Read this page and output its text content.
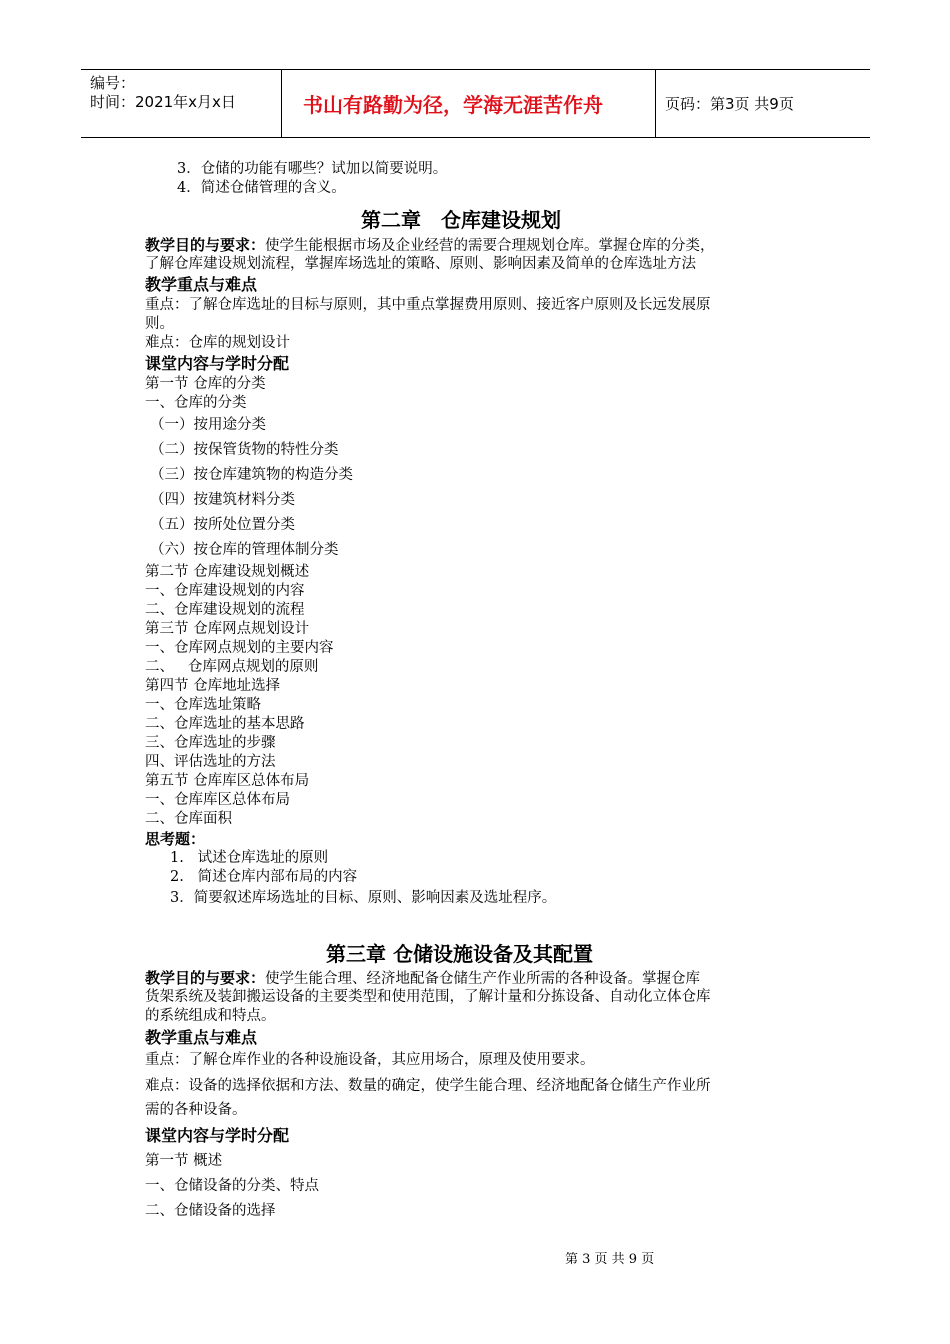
编号：
时间：2021年x月x日	书山有路勤为径，学海无涯苦作舟	页码：第3页 共9页
3．仓储的功能有哪些？试加以简要说明。
4．简述仓储管理的含义。
第二章　仓库建设规划
教学目的与要求：使学生能根据市场及企业经营的需要合理规划仓库。掌握仓库的分类，
了解仓库建设规划流程，掌握库场选址的策略、原则、影响因素及简单的仓库选址方法
教学重点与难点
重点：了解仓库选址的目标与原则，其中重点掌握费用原则、接近客户原则及长远发展原
则。
难点：仓库的规划设计
课堂内容与学时分配
第一节 仓库的分类
一、仓库的分类
（一）按用途分类
（二）按保管货物的特性分类
（三）按仓库建筑物的构造分类
（四）按建筑材料分类
（五）按所处位置分类
（六）按仓库的管理体制分类
第二节 仓库建设规划概述
一、仓库建设规划的内容
二、仓库建设规划的流程
第三节 仓库网点规划设计
一、仓库网点规划的主要内容
二、   仓库网点规划的原则
第四节 仓库地址选择
一、仓库选址策略
二、仓库选址的基本思路
三、仓库选址的步骤
四、评估选址的方法
第五节 仓库库区总体布局
一、仓库库区总体布局
二、仓库面积
思考题：
1.   试述仓库选址的原则
2.   简述仓库内部布局的内容
3．简要叙述库场选址的目标、原则、影响因素及选址程序。
第三章 仓储设施设备及其配置
教学目的与要求：使学生能合理、经济地配备仓储生产作业所需的各种设备。掌握仓库
货架系统及装卸搬运设备的主要类型和使用范围，了解计量和分拣设备、自动化立体仓库
的系统组成和特点。
教学重点与难点
重点：了解仓库作业的各种设施设备，其应用场合，原理及使用要求。
难点：设备的选择依据和方法、数量的确定，使学生能合理、经济地配备仓储生产作业所
需的各种设备。
课堂内容与学时分配
第一节 概述
一、仓储设备的分类、特点
二、仓储设备的选择
第 3 页 共 9 页
